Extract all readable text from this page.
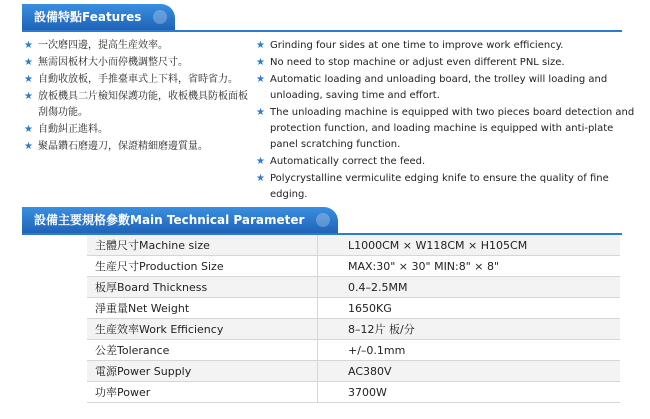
設備特點Features
★ 一次磨四邊，提高生産效率。
★ 無需因板材大小而停機調整尺寸。
★ 自動收放板，手推臺車式上下料，省時省力。
★ 放板機具二片檢知保護功能，收板機具防板面板刮傷功能。
★ 自動糾正進料。
★ 聚晶鑽石磨邊刀，保證精細磨邊質量。
★ Grinding four sides at one time to improve work efficiency.
★ No need to stop machine or adjust even different PNL size.
★ Automatic loading and unloading board, the trolley will loading and unloading, saving time and effort.
★ The unloading machine is equipped with two pieces board detection and protection function, and loading machine is equipped with anti-plate panel scratching function.
★ Automatically correct the feed.
★ Polycrystalline vermiculite edging knife to ensure the quality of fine edging.
設備主要規格參數Main Technical Parameter
主體尺寸Machine size	L1000CM × W118CM × H105CM
生産尺寸Production Size	MAX:30" × 30" MIN:8" × 8"
板厚Board Thickness	0.4–2.5MM
淨重量Net Weight	1650KG
生産效率Work Efficiency	8–12片 板/分
公差Tolerance	+/–0.1mm
電源Power Supply	AC380V
功率Power	3700W
